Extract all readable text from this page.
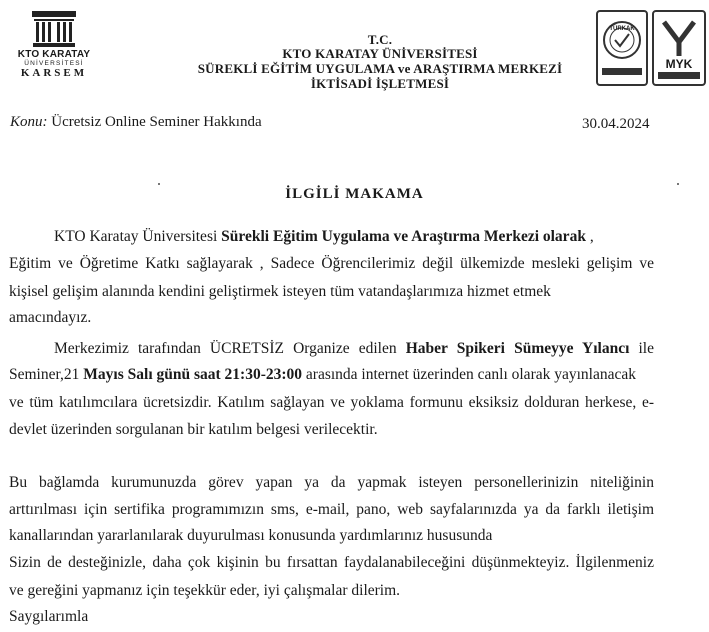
KTO KARATAY
ÜNİVERSİTESİ
KARSEM
T.C.
KTO KARATAY ÜNİVERSİTESİ
SÜREKLİ EĞİTİM UYGULAMA ve ARAŞTIRMA MERKEZİ
İKTİSADİ İŞLETMESİ
TÜRKAK
MYK
Konu: Ücretsiz Online Seminer Hakkında	30.04.2024
İLGİLİ MAKAMA
KTO Karatay Üniversitesi Sürekli Eğitim Uygulama ve Araştırma Merkezi olarak ,
Eğitim ve Öğretime Katkı sağlayarak , Sadece Öğrencilerimiz değil ülkemizde mesleki gelişim ve
kişisel gelişim alanında kendini geliştirmek isteyen tüm vatandaşlarımıza hizmet etmek
amacındayız.
Merkezimiz tarafından ÜCRETSİZ Organize edilen Haber Spikeri Sümeyye Yılancı ile
Seminer,21 Mayıs Salı günü saat 21:30-23:00 arasında internet üzerinden canlı olarak yayınlanacak
ve tüm katılımcılara ücretsizdir. Katılım sağlayan ve yoklama formunu eksiksiz dolduran herkese, e-
devlet üzerinden sorgulanan bir katılım belgesi verilecektir.
Bu bağlamda kurumunuzda görev yapan ya da yapmak isteyen personellerinizin niteliğinin
arttırılması için sertifika programımızın sms, e-mail, pano, web sayfalarınızda ya da farklı iletişim
kanallarından yararlanılarak duyurulması konusunda yardımlarınız hususunda
Sizin de desteğinizle, daha çok kişinin bu fırsattan faydalanabileceğini düşünmekteyiz. İlgilenmeniz
ve gereğini yapmanız için teşekkür eder, iyi çalışmalar dilerim.
Saygılarımla
